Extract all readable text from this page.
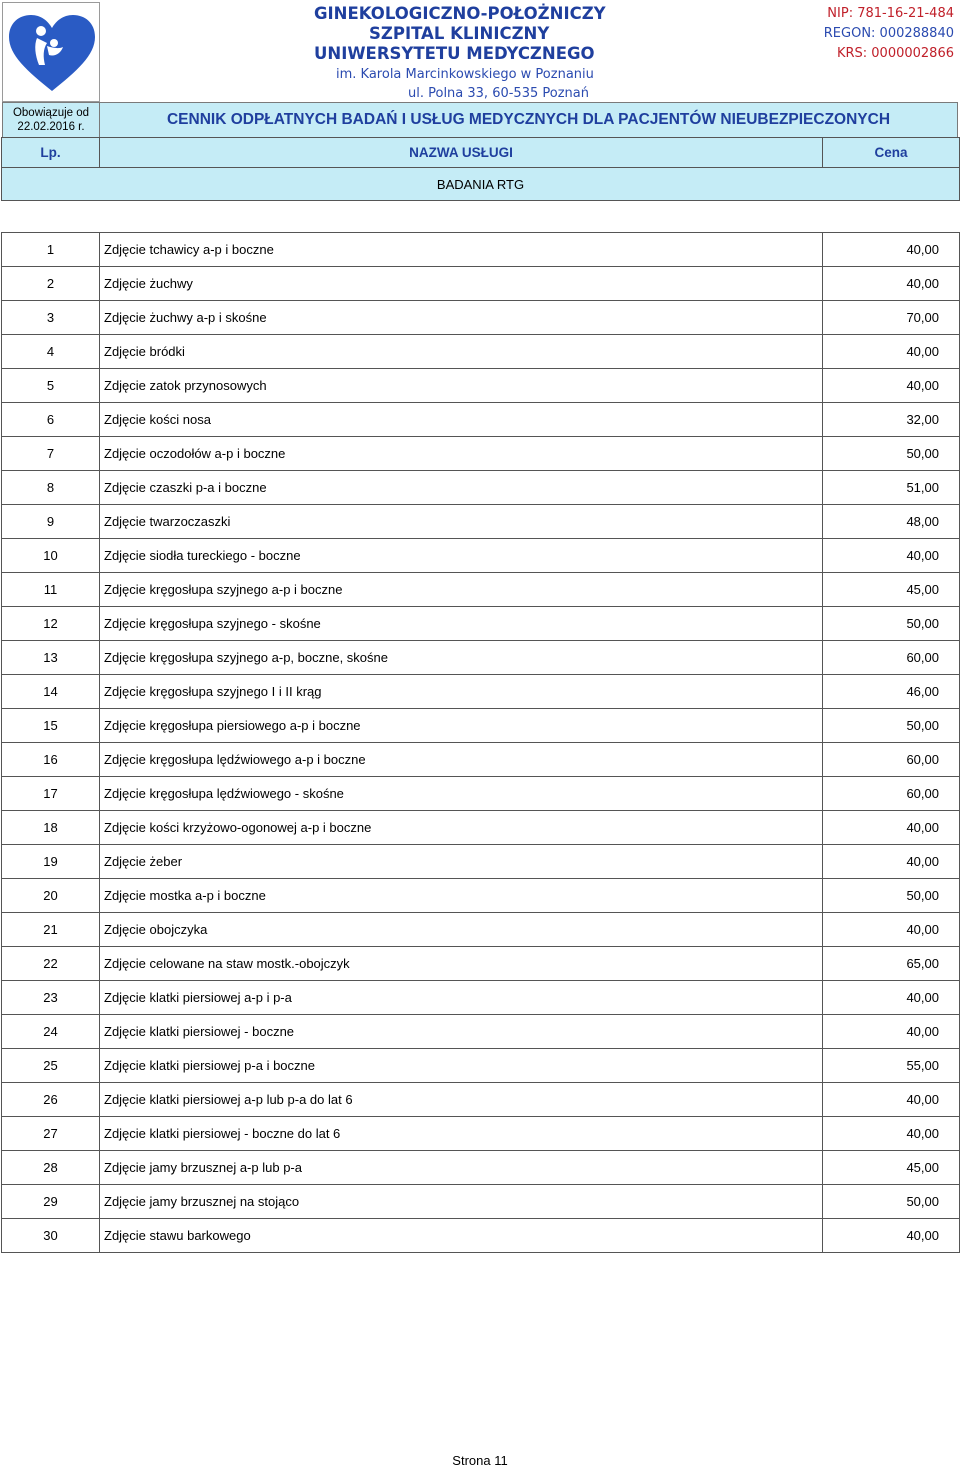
Obowiązuje od
22.02.2016 r.
GINEKOLOGICZNO-POŁOŻNICZY
SZPITAL KLINICZNY
UNIWERSYTETU MEDYCZNEGO
im. Karola Marcinkowskiego w Poznaniu
ul. Polna 33, 60-535 Poznań
NIP: 781-16-21-484
REGON: 000288840
KRS: 0000002866
CENNIK ODPŁATNYCH BADAŃ I USŁUG MEDYCZNYCH DLA PACJENTÓW NIEUBEZPIECZONYCH
Lp.	NAZWA USŁUGI	Cena
BADANIA RTG		

1	Zdjęcie tchawicy a-p i boczne	40,00
2	Zdjęcie żuchwy	40,00
3	Zdjęcie żuchwy a-p i skośne	70,00
4	Zdjęcie bródki	40,00
5	Zdjęcie zatok przynosowych	40,00
6	Zdjęcie kości nosa	32,00
7	Zdjęcie oczodołów a-p i boczne	50,00
8	Zdjęcie czaszki p-a i boczne	51,00
9	Zdjęcie twarzoczaszki	48,00
10	Zdjęcie siodła tureckiego - boczne	40,00
11	Zdjęcie kręgosłupa szyjnego a-p i boczne	45,00
12	Zdjęcie kręgosłupa szyjnego - skośne	50,00
13	Zdjęcie kręgosłupa szyjnego a-p, boczne, skośne	60,00
14	Zdjęcie kręgosłupa szyjnego I i II krąg	46,00
15	Zdjęcie kręgosłupa piersiowego a-p i boczne	50,00
16	Zdjęcie kręgosłupa lędźwiowego a-p i boczne	60,00
17	Zdjęcie kręgosłupa lędźwiowego - skośne	60,00
18	Zdjęcie kości krzyżowo-ogonowej a-p i boczne	40,00
19	Zdjęcie żeber	40,00
20	Zdjęcie mostka a-p i boczne	50,00
21	Zdjęcie obojczyka	40,00
22	Zdjęcie celowane na staw mostk.-obojczyk	65,00
23	Zdjęcie klatki piersiowej a-p i p-a	40,00
24	Zdjęcie klatki piersiowej - boczne	40,00
25	Zdjęcie klatki piersiowej p-a i boczne	55,00
26	Zdjęcie klatki piersiowej a-p lub p-a do lat 6	40,00
27	Zdjęcie klatki piersiowej - boczne do lat 6	40,00
28	Zdjęcie jamy brzusznej a-p lub p-a	45,00
29	Zdjęcie jamy brzusznej na stojąco	50,00
30	Zdjęcie stawu barkowego	40,00
Strona 11
